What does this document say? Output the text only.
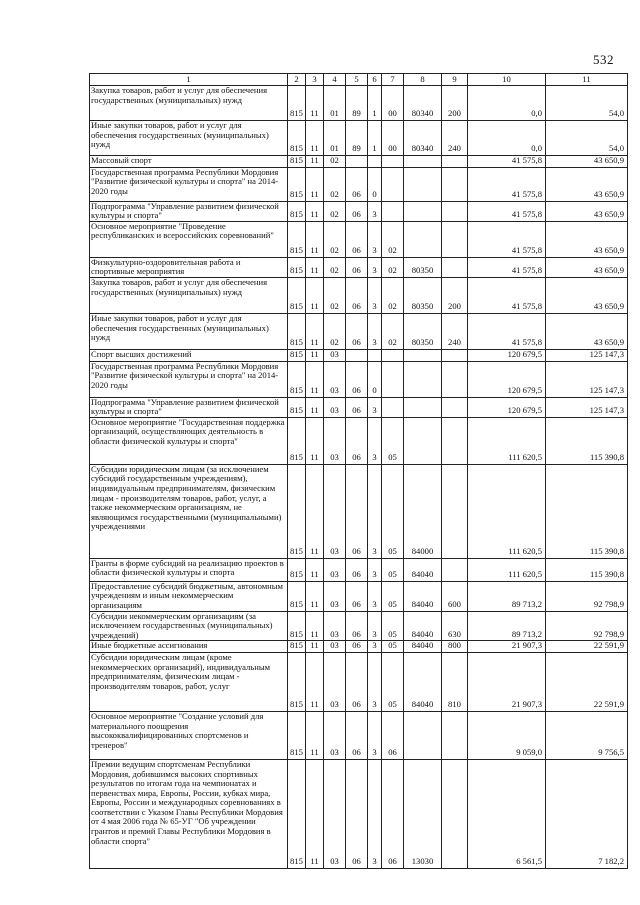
532
1	2	3	4	5	6	7	8	9	10	11
Закупка товаров, работ и услуг для обеспечения государственных (муниципальных) нужд	815	11	01	89	1	00	80340	200	0,0	54,0
Иные закупки товаров, работ и услуг для обеспечения государственных (муниципальных) нужд	815	11	01	89	1	00	80340	240	0,0	54,0
Массовый спорт	815	11	02						41 575,8	43 650,9
Государственная программа Республики Мордовия "Развитие физической культуры и спорта" на 2014-2020 годы	815	11	02	06	0				41 575,8	43 650,9
Подпрограмма "Управление развитием физической культуры и спорта"	815	11	02	06	3				41 575,8	43 650,9
Основное мероприятие "Проведение республиканских и всероссийских соревнований"	815	11	02	06	3	02			41 575,8	43 650,9
Физкультурно-оздоровительная работа и спортивные мероприятия	815	11	02	06	3	02	80350		41 575,8	43 650,9
Закупка товаров, работ и услуг для обеспечения государственных (муниципальных) нужд	815	11	02	06	3	02	80350	200	41 575,8	43 650,9
Иные закупки товаров, работ и услуг для обеспечения государственных (муниципальных) нужд	815	11	02	06	3	02	80350	240	41 575,8	43 650,9
Спорт высших достижений	815	11	03						120 679,5	125 147,3
Государственная программа Республики Мордовия "Развитие физической культуры и спорта" на 2014-2020 годы	815	11	03	06	0				120 679,5	125 147,3
Подпрограмма "Управление развитием физической культуры и спорта"	815	11	03	06	3				120 679,5	125 147,3
Основное мероприятие "Государственная поддержка организаций, осуществляющих деятельность в области физической культуры и спорта"	815	11	03	06	3	05			111 620,5	115 390,8
Субсидии юридическим лицам (за исключением субсидий государственным учреждениям), индивидуальным предпринимателям, физическим лицам - производителям товаров, работ, услуг, а также некоммерческим организациям, не являющимся государственными (муниципальными) учреждениями	815	11	03	06	3	05	84000		111 620,5	115 390,8
Гранты в форме субсидий на реализацию проектов в области физической культуры и спорта	815	11	03	06	3	05	84040		111 620,5	115 390,8
Предоставление субсидий бюджетным, автономным учреждениям и иным некоммерческим организациям	815	11	03	06	3	05	84040	600	89 713,2	92 798,9
Субсидии некоммерческим организациям (за исключением государственных (муниципальных) учреждений)	815	11	03	06	3	05	84040	630	89 713,2	92 798,9
Иные бюджетные ассигнования	815	11	03	06	3	05	84040	800	21 907,3	22 591,9
Субсидии юридическим лицам (кроме некоммерческих организаций), индивидуальным предпринимателям, физическим лицам - производителям товаров, работ, услуг	815	11	03	06	3	05	84040	810	21 907,3	22 591,9
Основное мероприятие "Создание условий для материального поощрения высококвалифицированных спортсменов и тренеров"	815	11	03	06	3	06			9 059,0	9 756,5
Премии ведущим спортсменам Республики Мордовия, добившимся высоких спортивных результатов по итогам года на чемпионатах и первенствах мира, Европы, России, кубках мира, Европы, России и международных соревнованиях в соответствии с Указом Главы Республики Мордовия от 4 мая 2006 года № 65-УГ "Об учреждении грантов и премий Главы Республики Мордовия в области спорта"	815	11	03	06	3	06	13030		6 561,5	7 182,2
